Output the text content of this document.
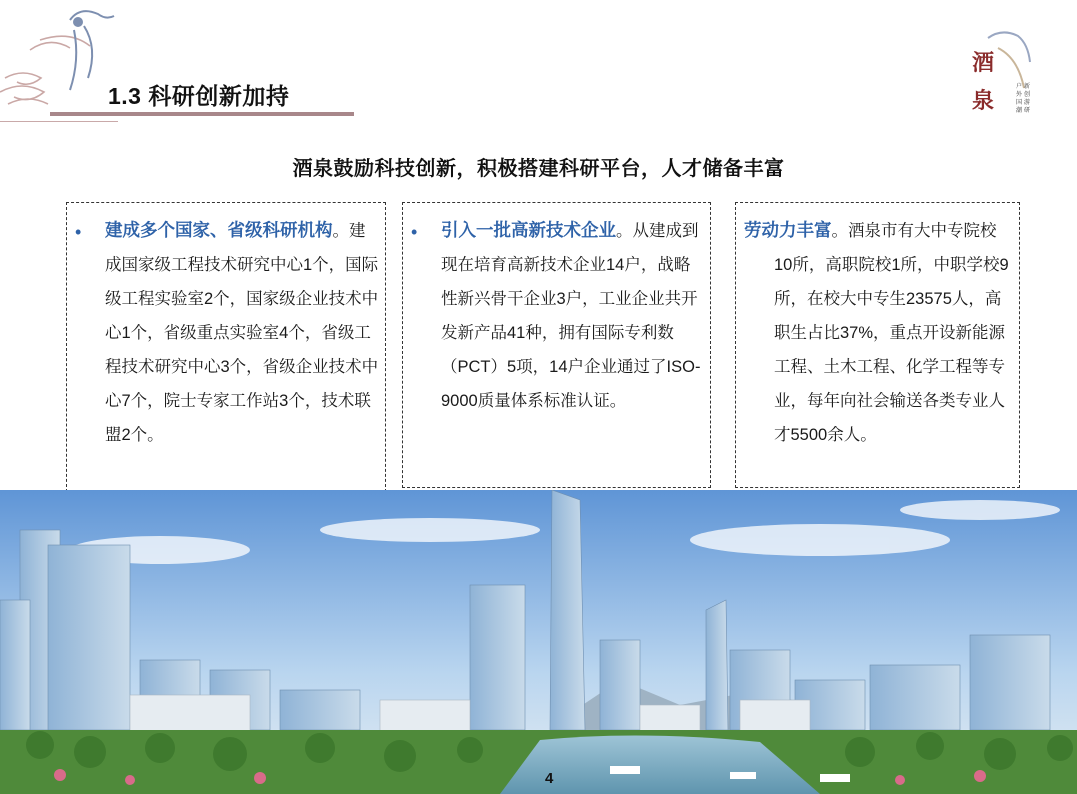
1.3 科研创新加持
酒
泉
户
外
国
潮
新
创
游
研
酒泉鼓励科技创新，积极搭建科研平台，人才储备丰富
• 建成多个国家、省级科研机构。建成国家级工程技术研究中心1个，国际级工程实验室2个，国家级企业技术中心1个，省级重点实验室4个，省级工程技术研究中心3个，省级企业技术中心7个，院士专家工作站3个，技术联盟2个。
• 引入一批高新技术企业。从建成到现在培育高新技术企业14户，战略性新兴骨干企业3户，工业企业共开发新产品41种，拥有国际专利数（PCT）5项，14户企业通过了ISO-9000质量体系标准认证。
劳动力丰富。酒泉市有大中专院校10所，高职院校1所，中职学校9所，在校大中专生23575人，高职生占比37%，重点开设新能源工程、土木工程、化学工程等专业，每年向社会输送各类专业人才5500余人。
4
